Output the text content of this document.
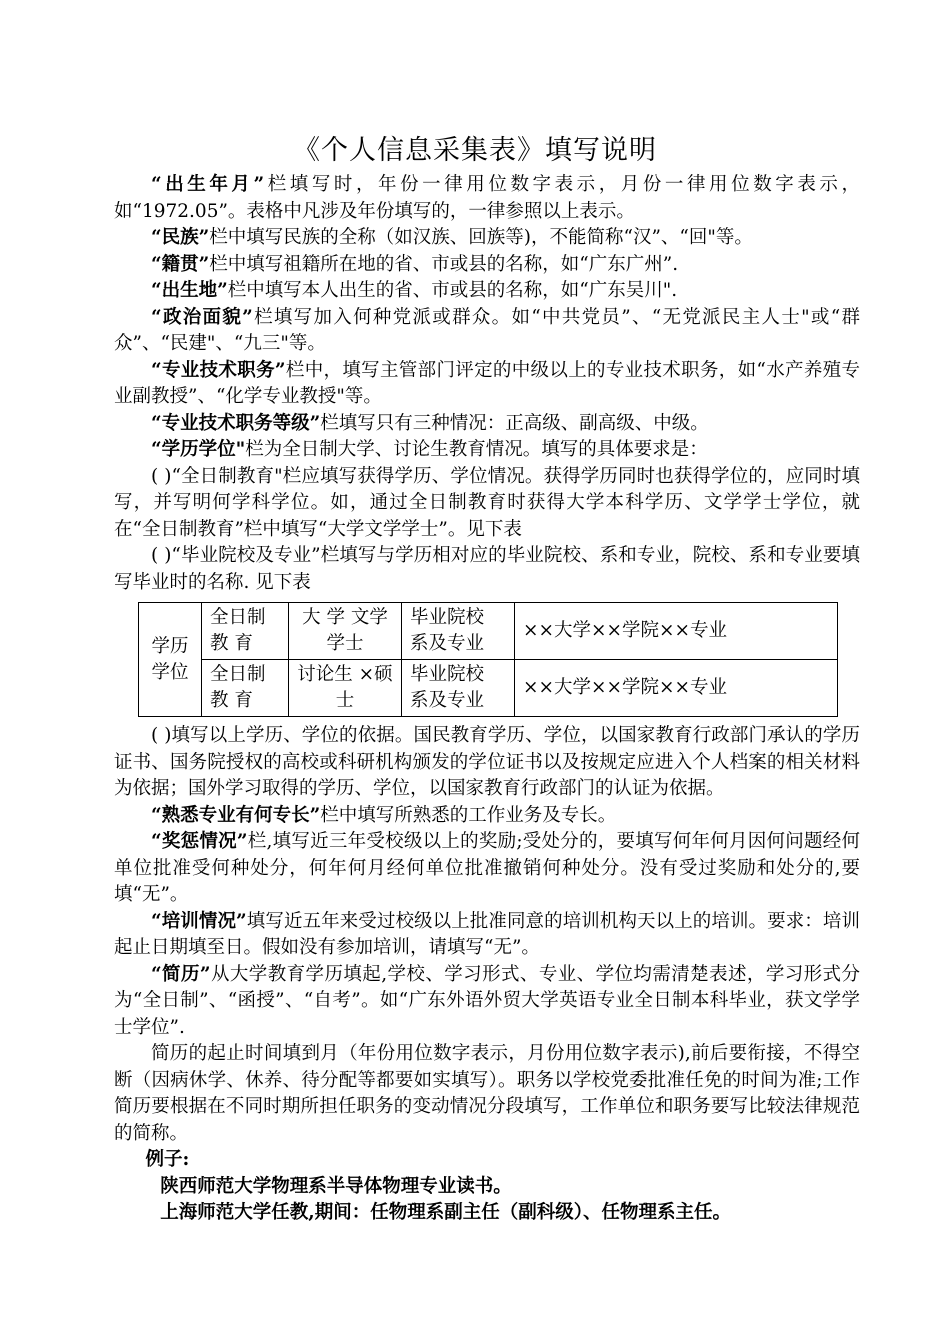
《个人信息采集表》填写说明

“出生年月”栏填写时，年份一律用位数字表示，月份一律用位数字表示，如“1972.05”。表格中凡涉及年份填写的，一律参照以上表示。

“民族”栏中填写民族的全称（如汉族、回族等)，不能简称“汉”、“回"等。

“籍贯”栏中填写祖籍所在地的省、市或县的名称，如“广东广州”.

“出生地”栏中填写本人出生的省、市或县的名称，如“广东吴川".

“政治面貌”栏填写加入何种党派或群众。如“中共党员”、“无党派民主人士"或“群众”、“民建"、“九三"等。

“专业技术职务”栏中，填写主管部门评定的中级以上的专业技术职务，如“水产养殖专业副教授”、“化学专业教授"等。

“专业技术职务等级”栏填写只有三种情况：正高级、副高级、中级。

“学历学位"栏为全日制大学、讨论生教育情况。填写的具体要求是：

( )“全日制教育"栏应填写获得学历、学位情况。获得学历同时也获得学位的，应同时填写，并写明何学科学位。如，通过全日制教育时获得大学本科学历、文学学士学位，就在“全日制教育”栏中填写“大学文学学士”。见下表

( )“毕业院校及专业”栏填写与学历相对应的毕业院校、系和专业，院校、系和专业要填写毕业时的名称. 见下表

学历学位	全日制 教 育	大 学 文学学士	毕业院校 系及专业	××大学××学院××专业
	全日制 教 育	讨论生 ×硕士	毕业院校 系及专业	××大学××学院××专业

( )填写以上学历、学位的依据。国民教育学历、学位，以国家教育行政部门承认的学历证书、国务院授权的高校或科研机构颁发的学位证书以及按规定应进入个人档案的相关材料为依据；国外学习取得的学历、学位，以国家教育行政部门的认证为依据。

“熟悉专业有何专长”栏中填写所熟悉的工作业务及专长。

“奖惩情况”栏,填写近三年受校级以上的奖励;受处分的，要填写何年何月因何问题经何单位批准受何种处分，何年何月经何单位批准撤销何种处分。没有受过奖励和处分的,要填“无”。

“培训情况”填写近五年来受过校级以上批准同意的培训机构天以上的培训。要求：培训起止日期填至日。假如没有参加培训，请填写“无”。

“简历”从大学教育学历填起,学校、学习形式、专业、学位均需清楚表述，学习形式分为“全日制”、“函授”、“自考”。如“广东外语外贸大学英语专业全日制本科毕业，获文学学士学位”.

简历的起止时间填到月（年份用位数字表示，月份用位数字表示),前后要衔接，不得空断（因病休学、休养、待分配等都要如实填写）。职务以学校党委批准任免的时间为准;工作简历要根据在不同时期所担任职务的变动情况分段填写，工作单位和职务要写比较法律规范的简称。

例子:

陕西师范大学物理系半导体物理专业读书。

上海师范大学任教,期间：任物理系副主任（副科级）、任物理系主任。
